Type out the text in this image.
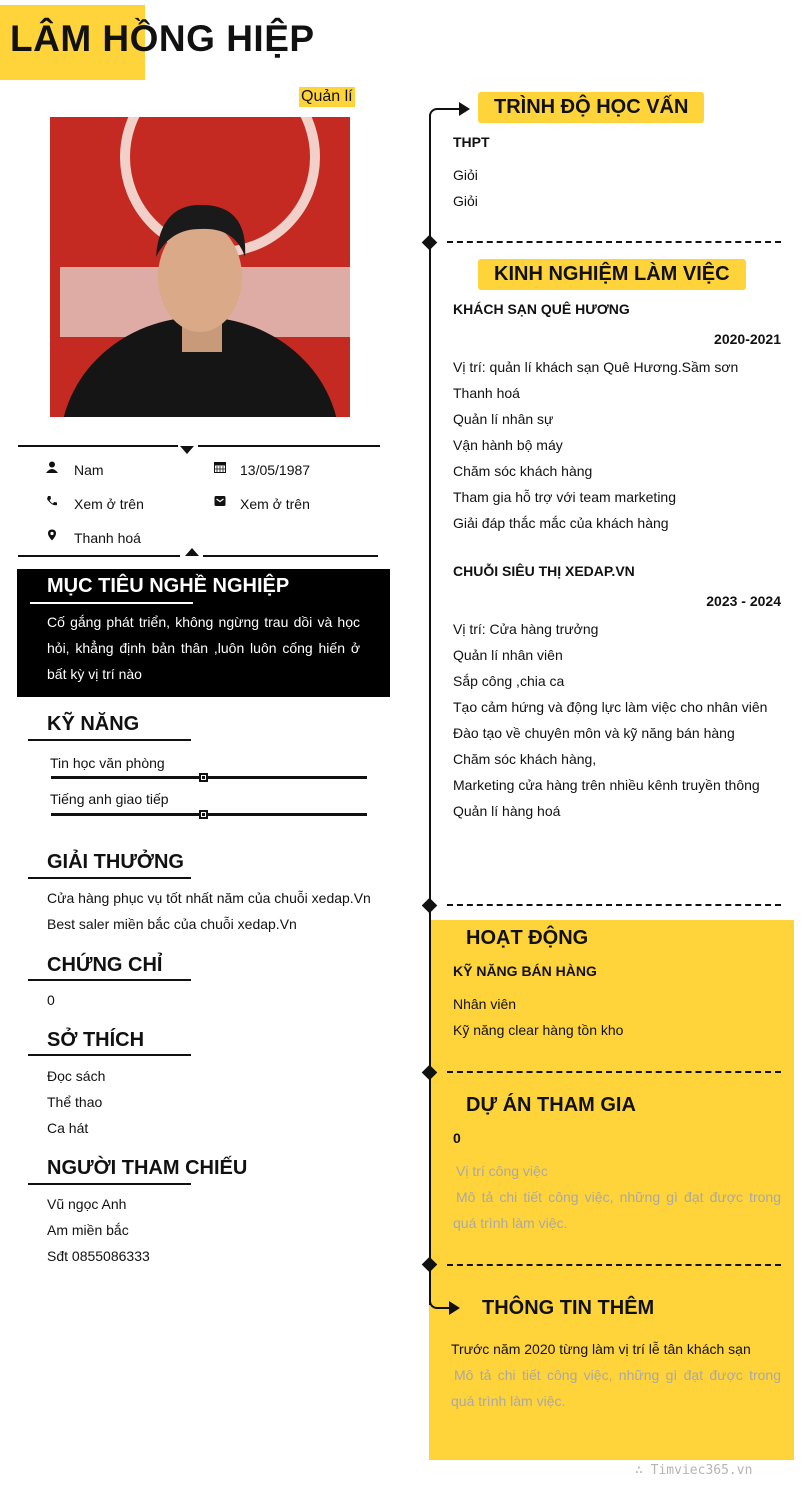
LÂM HỒNG HIỆP
Quản lí
Nam	13/05/1987
Xem ở trên	Xem ở trên
Thanh hoá
MỤC TIÊU NGHỀ NGHIỆP
Cố gắng phát triển, không ngừng trau dồi và học hỏi, khẳng định bản thân ,luôn luôn cống hiến ở bất kỳ vị trí nào
KỸ NĂNG
Tin học văn phòng
Tiếng anh giao tiếp
GIẢI THƯỞNG
Cửa hàng phục vụ tốt nhất năm của chuỗi xedap.Vn
Best saler miền bắc của chuỗi xedap.Vn
CHỨNG CHỈ
0
SỞ THÍCH
Đọc sách
Thể thao
Ca hát
NGƯỜI THAM CHIẾU
Vũ ngọc Anh
Am miền bắc
Sđt 0855086333
TRÌNH ĐỘ HỌC VẤN
THPT
Giỏi
Giỏi
KINH NGHIỆM LÀM VIỆC
KHÁCH SẠN QUÊ HƯƠNG
2020-2021
Vị trí: quản lí khách sạn Quê Hương.Sầm sơn Thanh hoá
Quản lí nhân sự
Vận hành bộ máy
Chăm sóc khách hàng
Tham gia hỗ trợ với team marketing
Giải đáp thắc mắc của khách hàng
CHUỖI SIÊU THỊ XEDAP.VN
2023 - 2024
Vị trí: Cửa hàng trưởng
Quản lí nhân viên
Sắp công ,chia ca
Tạo cảm hứng và động lực làm việc cho nhân viên
Đào tạo về chuyên môn và kỹ năng bán hàng
Chăm sóc khách hàng,
Marketing cửa hàng trên nhiều kênh truyền thông
Quản lí hàng hoá
HOẠT ĐỘNG
KỸ NĂNG BÁN HÀNG
Nhân viên
Kỹ năng clear hàng tồn kho
DỰ ÁN THAM GIA
0
Vị trí công việc
Mô tả chi tiết công việc, những gì đạt được trong quá trình làm việc.
THÔNG TIN THÊM
Trước năm 2020 từng làm vị trí lễ tân khách sạn
Mô tả chi tiết công việc, những gì đạt được trong quá trình làm việc.
∴ Timviec365.vn
